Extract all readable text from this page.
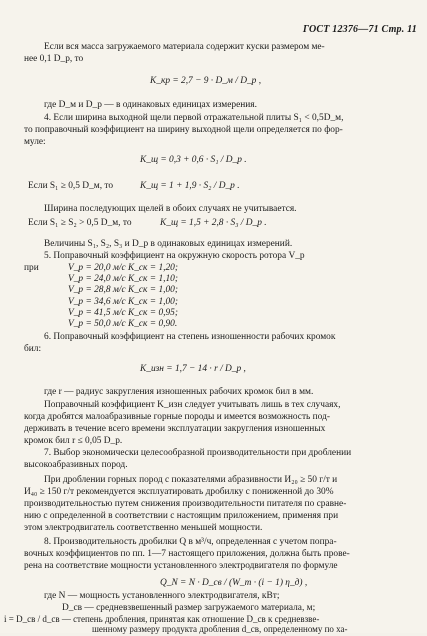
ГОСТ 12376—71 Стр. 11
Если вся масса загружаемого материала содержит куски размером ме-
нее 0,1 D_р, то
K_кр = 2,7 − 9 · D_м / D_р ,
где D_м и D_р — в одинаковых единицах измерения.
4. Если ширина выходной щели первой отражательной плиты S₁ < 0,5D_м,
то поправочный коэффициент на ширину выходной щели определяется по фор-
муле:
K_щ = 0,3 + 0,6 · S₁ / D_р .
Если S₁ ≥ 0,5 D_м, то	K_щ = 1 + 1,9 · S₂ / D_р .
Ширина последующих щелей в обоих случаях не учитывается.
Если S₁ ≥ S₂ > 0,5 D_м, то	K_щ = 1,5 + 2,8 · S₃ / D_р .
Величины S₁, S₂, S₃ и D_р в одинаковых единицах измерений.
5. Поправочный коэффициент на окружную скорость ротора V_р
при	V_р = 20,0 м/с K_ск = 1,20;
V_р = 24,0 м/с K_ск = 1,10;
V_р = 28,8 м/с K_ск = 1,00;
V_р = 34,6 м/с K_ск = 1,00;
V_р = 41,5 м/с K_ск = 0,95;
V_р = 50,0 м/с K_ск = 0,90.
6. Поправочный коэффициент на степень изношенности рабочих кромок
бил:
K_изн = 1,7 − 14 · r / D_р ,
где r — радиус закругления изношенных рабочих кромок бил в мм.
Поправочный коэффициент K_изн следует учитывать лишь в тех случаях,
когда дробятся малоабразивные горные породы и имеется возможность под-
держивать в течение всего времени эксплуатации закругления изношенных
кромок бил r ≤ 0,05 D_р.
7. Выбор экономически целесообразной производительности при дроблении
высокоабразивных пород.
При дроблении горных пород с показателями абразивности И₂₀ ≥ 50 г/т и
И₄₀ ≥ 150 г/т рекомендуется эксплуатировать дробилку с пониженной до 30%
производительностью путем снижения производительности питателя по сравне-
нию с определенной в соответствии с настоящим приложением, применяя при
этом электродвигатель соответственно меньшей мощности.
8. Производительность дробилки Q в м³/ч, определенная с учетом попра-
вочных коэффициентов по пп. 1—7 настоящего приложения, должна быть прове-
рена на соответствие мощности установленного электродвигателя по формуле
Q_N = N · D_св / (W_т · (i − 1) η_д) ,
где N — мощность установленного электродвигателя, кВт;
D_св — средневзвешенный размер загружаемого материала, м;
i = D_св / d_св — степень дробления, принятая как отношение D_св к средневзве-
шенному размеру продукта дробления d_св, определенному по ха-
